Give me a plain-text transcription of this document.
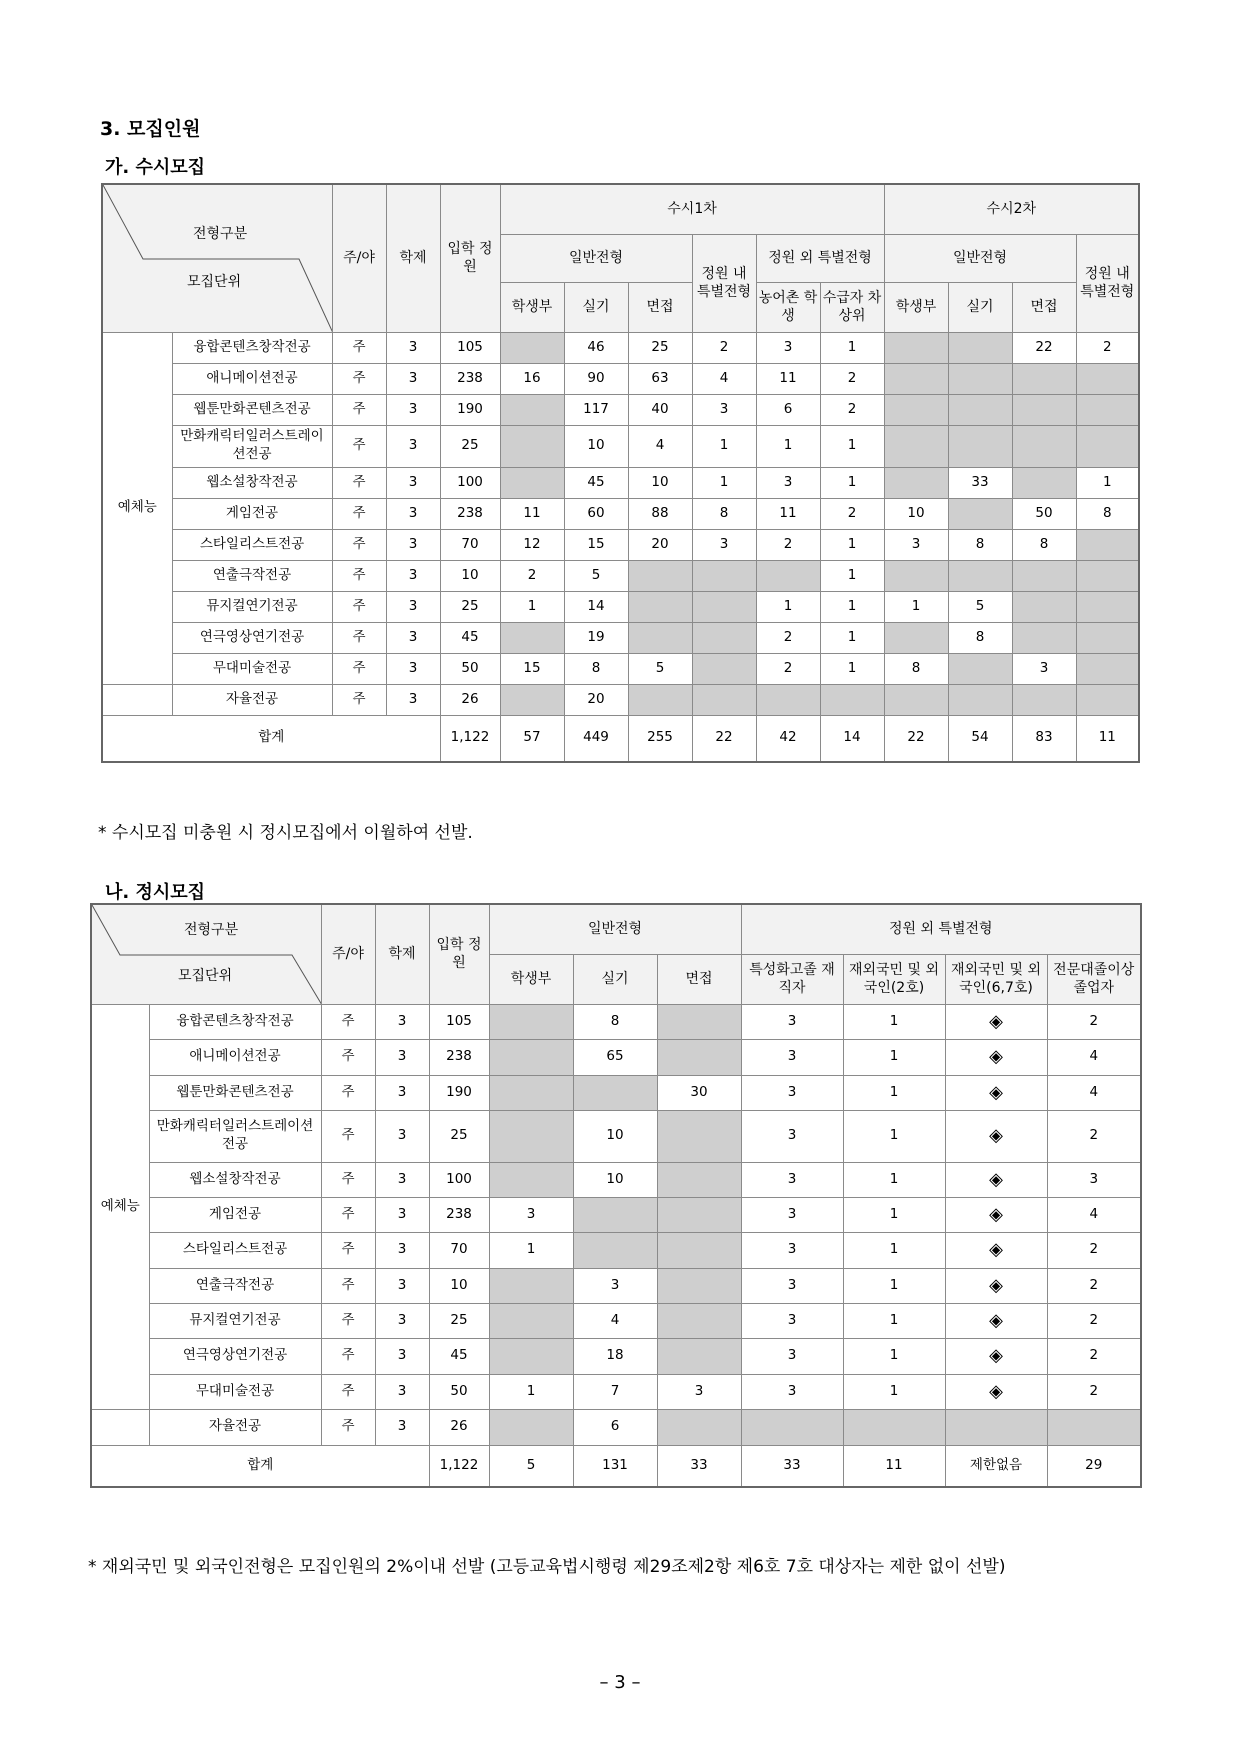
3. 모집인원
가. 수시모집
전형구분
모집단위		주/야	학제	입학 정원	수시1차						수시2차			
					일반전형			정원 내 특별전형	정원 외 특별전형		일반전형			정원 내 특별전형
					학생부	실기	면접		농어촌 학생	수급자 차상위	학생부	실기	면접	
예체능	융합콘텐츠창작전공	주	3	105		46	25	2	3	1			22	2
	애니메이션전공	주	3	238	16	90	63	4	11	2				
	웹툰만화콘텐츠전공	주	3	190		117	40	3	6	2				
	만화캐릭터일러스트레이션전공	주	3	25		10	4	1	1	1				
	웹소설창작전공	주	3	100		45	10	1	3	1		33		1
	게임전공	주	3	238	11	60	88	8	11	2	10		50	8
	스타일리스트전공	주	3	70	12	15	20	3	2	1	3	8	8	
	연출극작전공	주	3	10	2	5				1				
	뮤지컬연기전공	주	3	25	1	14			1	1	1	5		
	연극영상연기전공	주	3	45		19			2	1		8		
	무대미술전공	주	3	50	15	8	5		2	1	8		3	
	자율전공	주	3	26		20								
합계				1,122	57	449	255	22	42	14	22	54	83	11
* 수시모집 미충원 시 정시모집에서 이월하여 선발.
나. 정시모집
전형구분
모집단위		주/야	학제	입학 정원	일반전형			정원 외 특별전형			
					학생부	실기	면접	특성화고졸 재직자	재외국민 및 외국인(2호)	재외국민 및 외국인(6,7호)	전문대졸이상 졸업자
예체능	융합콘텐츠창작전공	주	3	105		8		3	1	◈	2
	애니메이션전공	주	3	238		65		3	1	◈	4
	웹툰만화콘텐츠전공	주	3	190			30	3	1	◈	4
	만화캐릭터일러스트레이션전공	주	3	25		10		3	1	◈	2
	웹소설창작전공	주	3	100		10		3	1	◈	3
	게임전공	주	3	238	3			3	1	◈	4
	스타일리스트전공	주	3	70	1			3	1	◈	2
	연출극작전공	주	3	10		3		3	1	◈	2
	뮤지컬연기전공	주	3	25		4		3	1	◈	2
	연극영상연기전공	주	3	45		18		3	1	◈	2
	무대미술전공	주	3	50	1	7	3	3	1	◈	2
	자율전공	주	3	26		6					
합계				1,122	5	131	33	33	11	제한없음	29
* 재외국민 및 외국인전형은 모집인원의 2%이내 선발 (고등교육법시행령 제29조제2항 제6호 7호 대상자는 제한 없이 선발)
– 3 –
